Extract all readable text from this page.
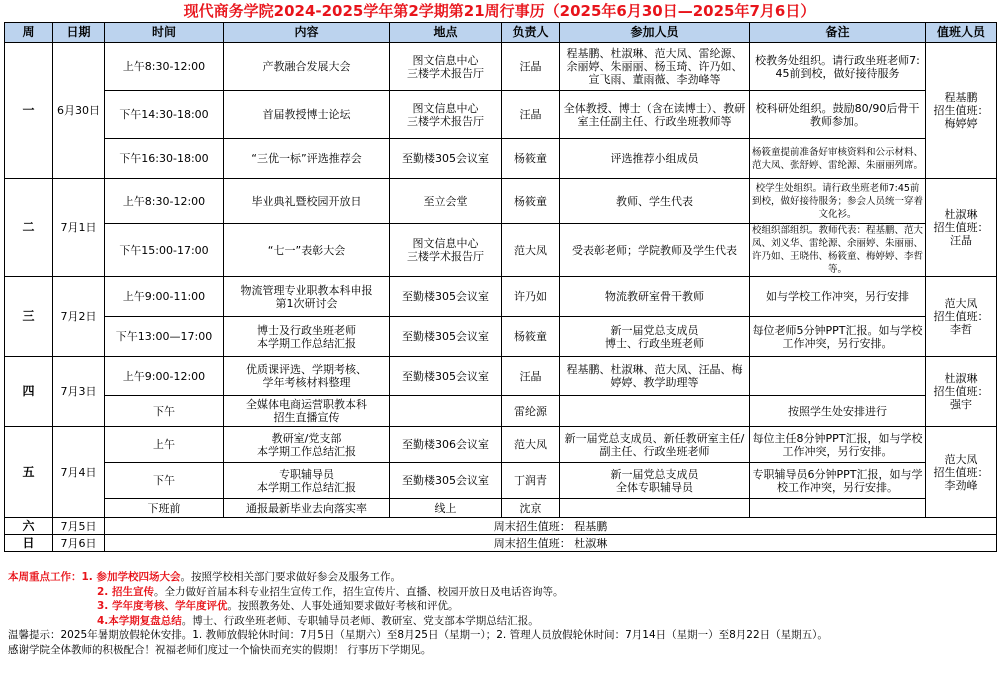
现代商务学院2024-2025学年第2学期第21周行事历（2025年6月30日—2025年7月6日）
周	日期	时间	内容	地点	负责人	参加人员	备注	值班人员
一	6月30日	上午8:30-12:00	产教融合发展大会	图文信息中心
三楼学术报告厅	汪晶	程基鹏、杜淑琳、范大凤、雷纶源、余丽婷、朱丽丽、杨玉琦、许乃如、宣飞雨、董雨薇、李劲峰等	校教务处组织。请行政坐班老师7:45前到校，做好接待服务	程基鹏
招生值班：
梅婷婷
		下午14:30-18:00	首届教授博士论坛	图文信息中心
三楼学术报告厅	汪晶	全体教授、博士（含在读博士）、教研室主任副主任、行政坐班教师等	校科研处组织。鼓励80/90后骨干教师参加。	
		下午16:30-18:00	“三优一标”评选推荐会	至勤楼305会议室	杨筱童	评选推荐小组成员	杨筱童提前准备好审核资料和公示材料、范大凤、张舒婷、雷纶源、朱丽丽列席。	
二	7月1日	上午8:30-12:00	毕业典礼暨校园开放日	至立会堂	杨筱童	教师、学生代表	校学生处组织。请行政坐班老师7:45前到校，做好接待服务；参会人员统一穿着文化衫。	杜淑琳
招生值班：
汪晶
		下午15:00-17:00	“七一”表彰大会	图文信息中心
三楼学术报告厅	范大凤	受表彰老师；学院教师及学生代表	校组织部组织。教师代表：程基鹏、范大凤、刘义华、雷纶源、余丽婷、朱丽丽、许乃如、王晓伟、杨筱童、梅婷婷、李哲等。	
三	7月2日	上午9:00-11:00	物流管理专业职教本科申报
第1次研讨会	至勤楼305会议室	许乃如	物流教研室骨干教师	如与学校工作冲突，另行安排	范大凤
招生值班：
李哲
		下午13:00—17:00	博士及行政坐班老师
本学期工作总结汇报	至勤楼305会议室	杨筱童	新一届党总支成员
博士、行政坐班老师	每位老师5分钟PPT汇报。如与学校工作冲突，另行安排。	
四	7月3日	上午9:00-12:00	优质课评选、学期考核、
学年考核材料整理	至勤楼305会议室	汪晶	程基鹏、杜淑琳、范大凤、汪晶、梅婷婷、教学助理等		杜淑琳
招生值班：
强宇
		下午	全媒体电商运营职教本科
招生直播宣传		雷纶源		按照学生处安排进行	
五	7月4日	上午	教研室/党支部
本学期工作总结汇报	至勤楼306会议室	范大凤	新一届党总支成员、新任教研室主任/副主任、行政坐班老师	每位主任8分钟PPT汇报，如与学校工作冲突，另行安排。	范大凤
招生值班：
李劲峰
		下午	专职辅导员
本学期工作总结汇报	至勤楼305会议室	丁润青	新一届党总支成员
全体专职辅导员	专职辅导员6分钟PPT汇报，如与学校工作冲突，另行安排。	
		下班前	通报最新毕业去向落实率	线上	沈京			
六	7月5日	周末招生值班： 程基鹏						
日	7月6日	周末招生值班： 杜淑琳						
本周重点工作：1. 参加学校四场大会。按照学校相关部门要求做好参会及服务工作。
2. 招生宣传。全力做好首届本科专业招生宣传工作，招生宣传片、直播、校园开放日及电话咨询等。
3. 学年度考核、学年度评优。按照教务处、人事处通知要求做好考核和评优。
4.本学期复盘总结。博士、行政坐班老师、专职辅导员老师、教研室、党支部本学期总结汇报。
温馨提示：2025年暑期放假轮休安排。1. 教师放假轮休时间：7月5日（星期六）至8月25日（星期一）；2. 管理人员放假轮休时间：7月14日（星期一）至8月22日（星期五）。
感谢学院全体教师的积极配合！祝福老师们度过一个愉快而充实的假期！ 行事历下学期见。
